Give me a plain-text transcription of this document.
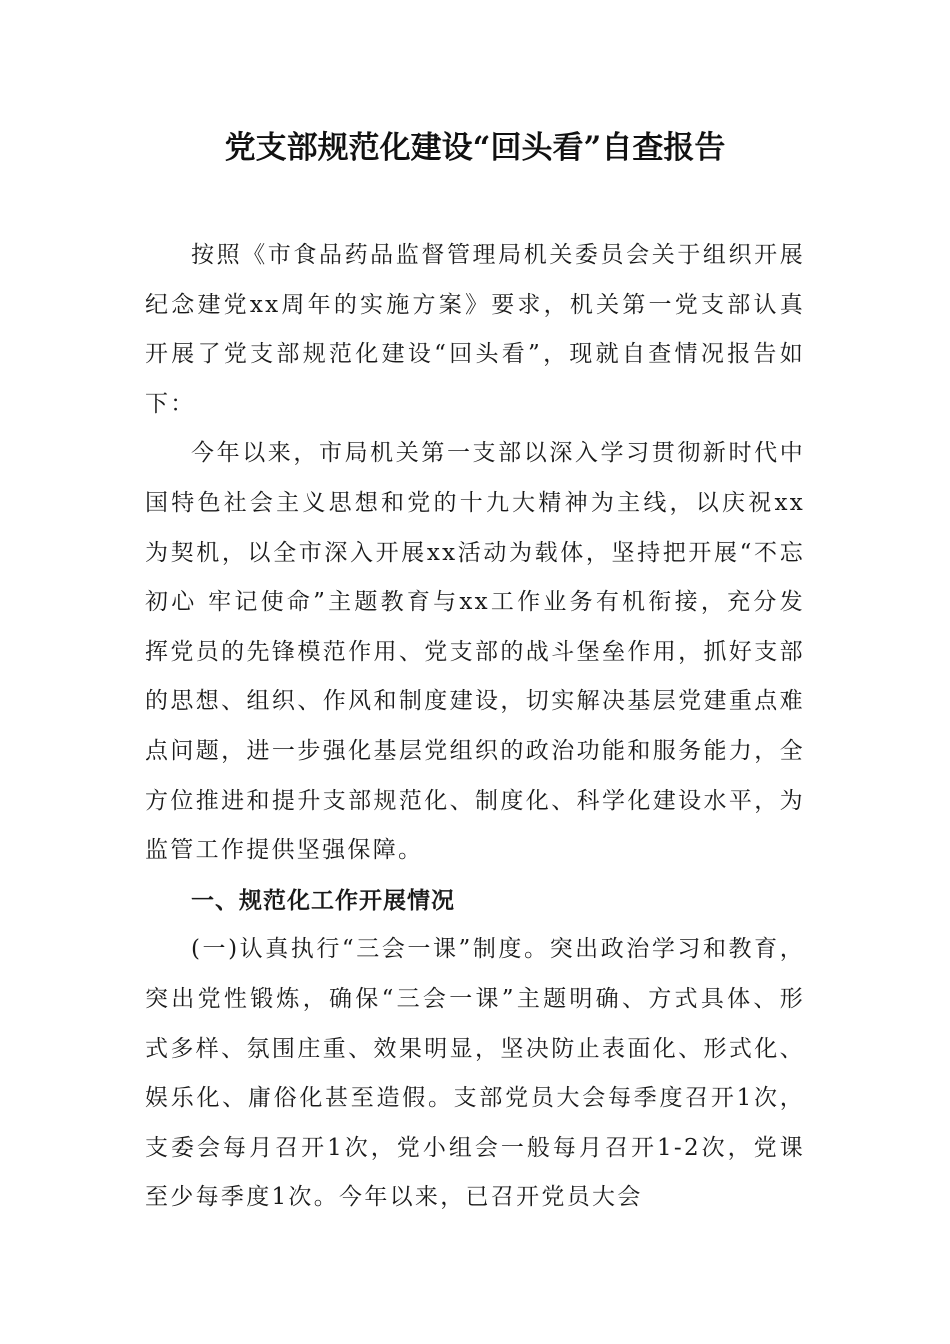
党支部规范化建设“回头看”自查报告

按照《市食品药品监督管理局机关委员会关于组织开展纪念建党xx周年的实施方案》要求，机关第一党支部认真开展了党支部规范化建设“回头看”，现就自查情况报告如下：

今年以来，市局机关第一支部以深入学习贯彻新时代中国特色社会主义思想和党的十九大精神为主线，以庆祝xx为契机，以全市深入开展xx活动为载体，坚持把开展“不忘初心 牢记使命”主题教育与xx工作业务有机衔接，充分发挥党员的先锋模范作用、党支部的战斗堡垒作用，抓好支部的思想、组织、作风和制度建设，切实解决基层党建重点难点问题，进一步强化基层党组织的政治功能和服务能力，全方位推进和提升支部规范化、制度化、科学化建设水平，为监管工作提供坚强保障。

一、规范化工作开展情况

(一)认真执行“三会一课”制度。突出政治学习和教育，突出党性锻炼，确保“三会一课”主题明确、方式具体、形式多样、氛围庄重、效果明显，坚决防止表面化、形式化、娱乐化、庸俗化甚至造假。支部党员大会每季度召开1次，支委会每月召开1次，党小组会一般每月召开1-2次，党课至少每季度1次。今年以来，已召开党员大会
